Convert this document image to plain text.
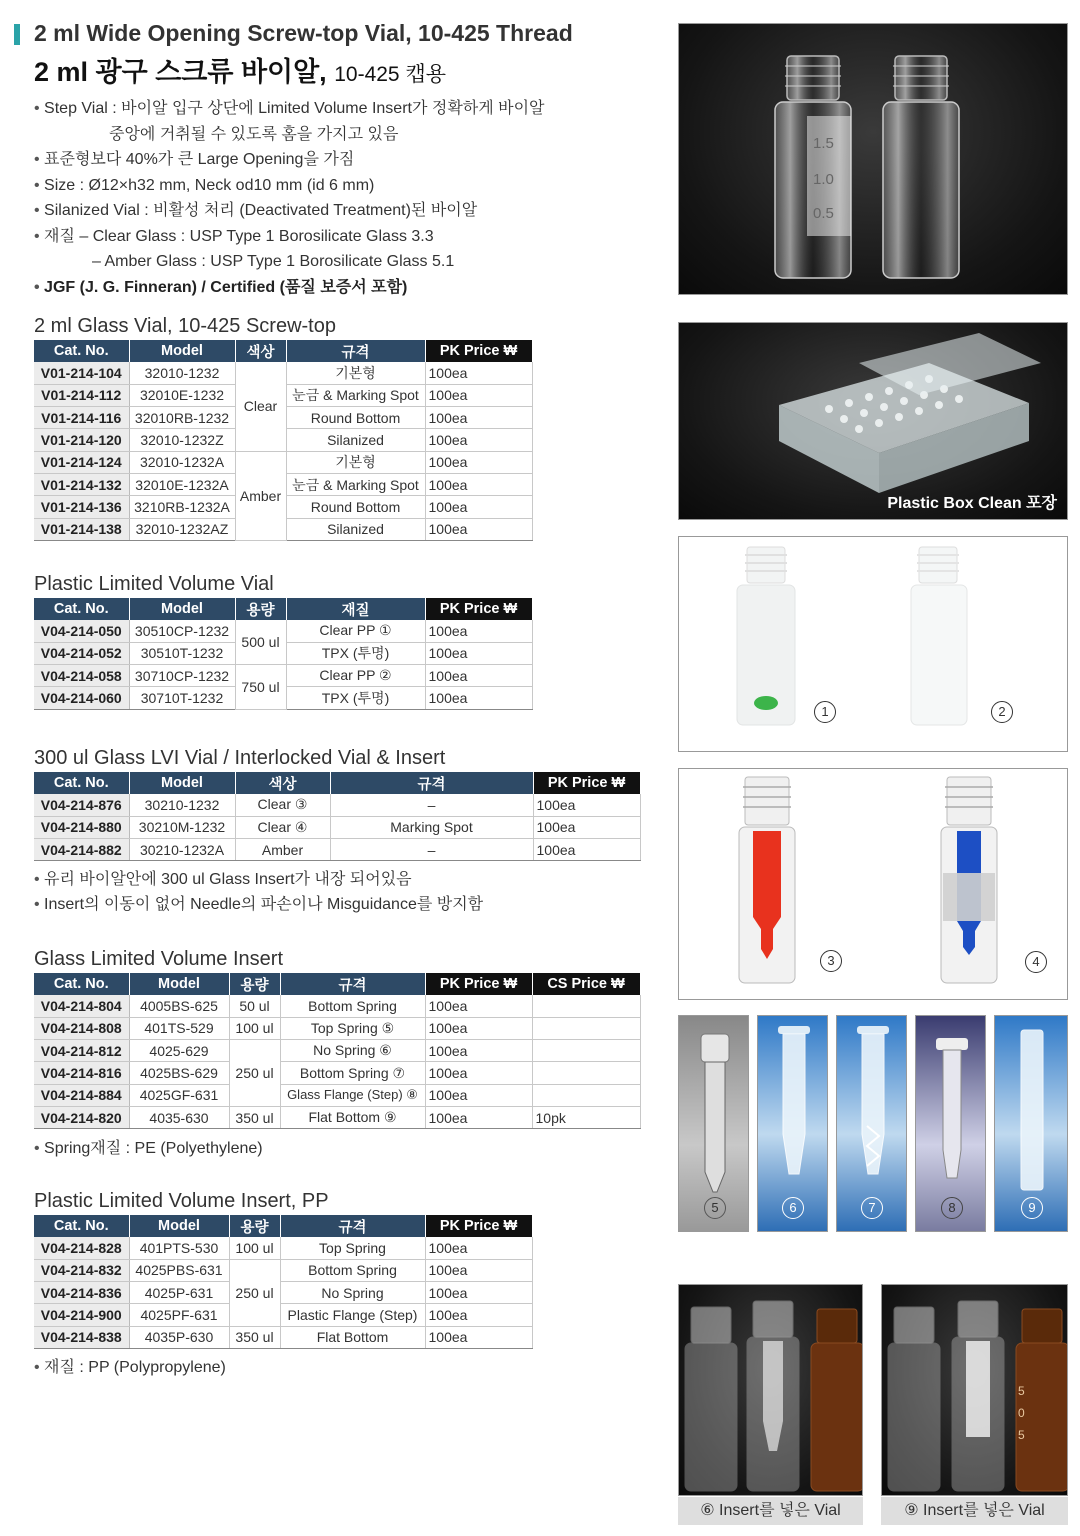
2 ml Wide Opening Screw-top Vial, 10-425 Thread
2 ml 광구 스크류 바이알, 10-425 캡용
• Step Vial : 바이알 입구 상단에 Limited Volume Insert가 정확하게 바이알
중앙에 거취될 수 있도록 홈을 가지고 있음
• 표준형보다 40%가 큰 Large Opening을 가짐
• Size : Ø12×h32 mm, Neck od10 mm (id 6 mm)
• Silanized Vial : 비활성 처리 (Deactivated Treatment)된 바이알
• 재질 – Clear Glass : USP Type 1 Borosilicate Glass 3.3
– Amber Glass : USP Type 1 Borosilicate Glass 5.1
• JGF (J. G. Finneran) / Certified (품질 보증서 포함)
2 ml Glass Vial, 10-425 Screw-top
Cat. No.	Model	색상	규격	PK Price ₩
V01-214-104	32010-1232	Clear	기본형	100ea
V01-214-112	32010E-1232		눈금 & Marking Spot	100ea
V01-214-116	32010RB-1232		Round Bottom	100ea
V01-214-120	32010-1232Z		Silanized	100ea
V01-214-124	32010-1232A	Amber	기본형	100ea
V01-214-132	32010E-1232A		눈금 & Marking Spot	100ea
V01-214-136	3210RB-1232A		Round Bottom	100ea
V01-214-138	32010-1232AZ		Silanized	100ea
Plastic Limited Volume Vial
Cat. No.	Model	용량	재질	PK Price ₩
V04-214-050	30510CP-1232	500 ul	Clear PP ①	100ea
V04-214-052	30510T-1232		TPX (투명)	100ea
V04-214-058	30710CP-1232	750 ul	Clear PP ②	100ea
V04-214-060	30710T-1232		TPX (투명)	100ea
300 ul Glass LVI Vial / Interlocked Vial & Insert
Cat. No.	Model	색상	규격	PK Price ₩
V04-214-876	30210-1232	Clear ③	–	100ea
V04-214-880	30210M-1232	Clear ④	Marking Spot	100ea
V04-214-882	30210-1232A	Amber	–	100ea
• 유리 바이알안에 300 ul Glass Insert가 내장 되어있음
• Insert의 이동이 없어 Needle의 파손이나 Misguidance를 방지함
Glass Limited Volume Insert
Cat. No.	Model	용량	규격	PK Price ₩	CS Price ₩
V04-214-804	4005BS-625	50 ul	Bottom Spring	100ea	
V04-214-808	401TS-529	100 ul	Top Spring ⑤	100ea	
V04-214-812	4025-629	250 ul	No Spring ⑥	100ea	
V04-214-816	4025BS-629		Bottom Spring ⑦	100ea	
V04-214-884	4025GF-631		Glass Flange (Step) ⑧	100ea	
V04-214-820	4035-630	350 ul	Flat Bottom ⑨	100ea	10pk
• Spring재질 : PE (Polyethylene)
Plastic Limited Volume Insert, PP
Cat. No.	Model	용량	규격	PK Price ₩
V04-214-828	401PTS-530	100 ul	Top Spring	100ea
V04-214-832	4025PBS-631	250 ul	Bottom Spring	100ea
V04-214-836	4025P-631		No Spring	100ea
V04-214-900	4025PF-631		Plastic Flange (Step)	100ea
V04-214-838	4035P-630	350 ul	Flat Bottom	100ea
• 재질 : PP (Polypropylene)
1.5
1.0
0.5
Plastic Box Clean 포장
1	2
3	4
5	6	7	8	9
⑥ Insert를 넣은 Vial
5
0
5
⑨ Insert를 넣은 Vial
